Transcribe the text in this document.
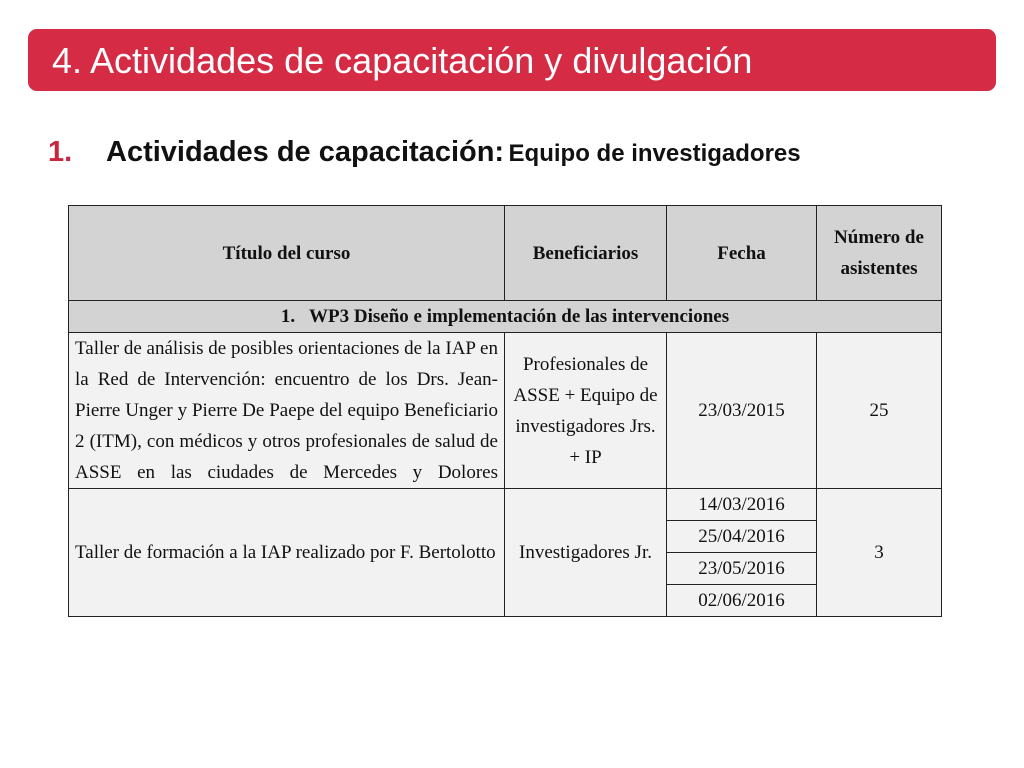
4. Actividades de capacitación y divulgación
1. Actividades de capacitación: Equipo de investigadores
Título del curso	Beneficiarios	Fecha	Número de asistentes
1.   WP3 Diseño e implementación de las intervenciones			
Taller de análisis de posibles orientaciones de la IAP en la Red de Intervención: encuentro de los Drs. Jean-Pierre Unger y Pierre De Paepe del equipo Beneficiario 2 (ITM), con médicos y otros profesionales de salud de ASSE en las ciudades de Mercedes y Dolores	Profesionales de ASSE + Equipo de investigadores Jrs. + IP	23/03/2015	25
Taller de formación a la IAP realizado por F. Bertolotto	Investigadores Jr.	14/03/2016	3
		25/04/2016	
		23/05/2016	
		02/06/2016	
